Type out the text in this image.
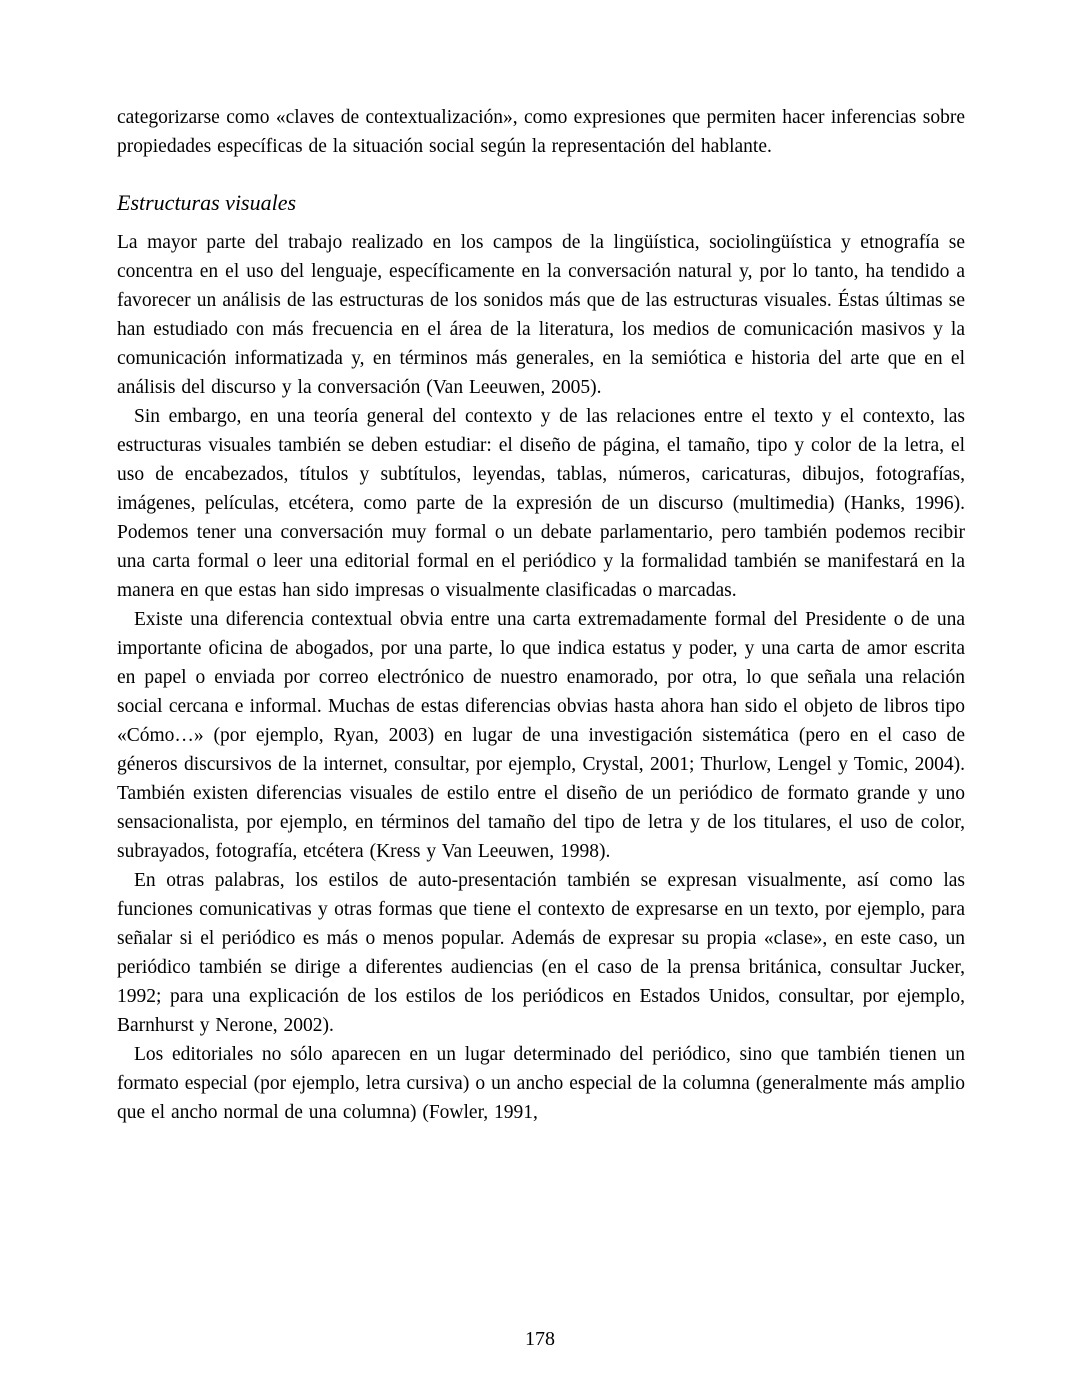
categorizarse como «claves de contextualización», como expresiones que permiten hacer inferencias sobre propiedades específicas de la situación social según la representación del hablante.

Estructuras visuales

La mayor parte del trabajo realizado en los campos de la lingüística, sociolingüística y etnografía se concentra en el uso del lenguaje, específicamente en la conversación natural y, por lo tanto, ha tendido a favorecer un análisis de las estructuras de los sonidos más que de las estructuras visuales. Éstas últimas se han estudiado con más frecuencia en el área de la literatura, los medios de comunicación masivos y la comunicación informatizada y, en términos más generales, en la semiótica e historia del arte que en el análisis del discurso y la conversación (Van Leeuwen, 2005).

Sin embargo, en una teoría general del contexto y de las relaciones entre el texto y el contexto, las estructuras visuales también se deben estudiar: el diseño de página, el tamaño, tipo y color de la letra, el uso de encabezados, títulos y subtítulos, leyendas, tablas, números, caricaturas, dibujos, fotografías, imágenes, películas, etcétera, como parte de la expresión de un discurso (multimedia) (Hanks, 1996). Podemos tener una conversación muy formal o un debate parlamentario, pero también podemos recibir una carta formal o leer una editorial formal en el periódico y la formalidad también se manifestará en la manera en que estas han sido impresas o visualmente clasificadas o marcadas.

Existe una diferencia contextual obvia entre una carta extremadamente formal del Presidente o de una importante oficina de abogados, por una parte, lo que indica estatus y poder, y una carta de amor escrita en papel o enviada por correo electrónico de nuestro enamorado, por otra, lo que señala una relación social cercana e informal. Muchas de estas diferencias obvias hasta ahora han sido el objeto de libros tipo «Cómo…» (por ejemplo, Ryan, 2003) en lugar de una investigación sistemática (pero en el caso de géneros discursivos de la internet, consultar, por ejemplo, Crystal, 2001; Thurlow, Lengel y Tomic, 2004). También existen diferencias visuales de estilo entre el diseño de un periódico de formato grande y uno sensacionalista, por ejemplo, en términos del tamaño del tipo de letra y de los titulares, el uso de color, subrayados, fotografía, etcétera (Kress y Van Leeuwen, 1998).

En otras palabras, los estilos de auto-presentación también se expresan visualmente, así como las funciones comunicativas y otras formas que tiene el contexto de expresarse en un texto, por ejemplo, para señalar si el periódico es más o menos popular. Además de expresar su propia «clase», en este caso, un periódico también se dirige a diferentes audiencias (en el caso de la prensa británica, consultar Jucker, 1992; para una explicación de los estilos de los periódicos en Estados Unidos, consultar, por ejemplo, Barnhurst y Nerone, 2002).

Los editoriales no sólo aparecen en un lugar determinado del periódico, sino que también tienen un formato especial (por ejemplo, letra cursiva) o un ancho especial de la columna (generalmente más amplio que el ancho normal de una columna) (Fowler, 1991,

178
